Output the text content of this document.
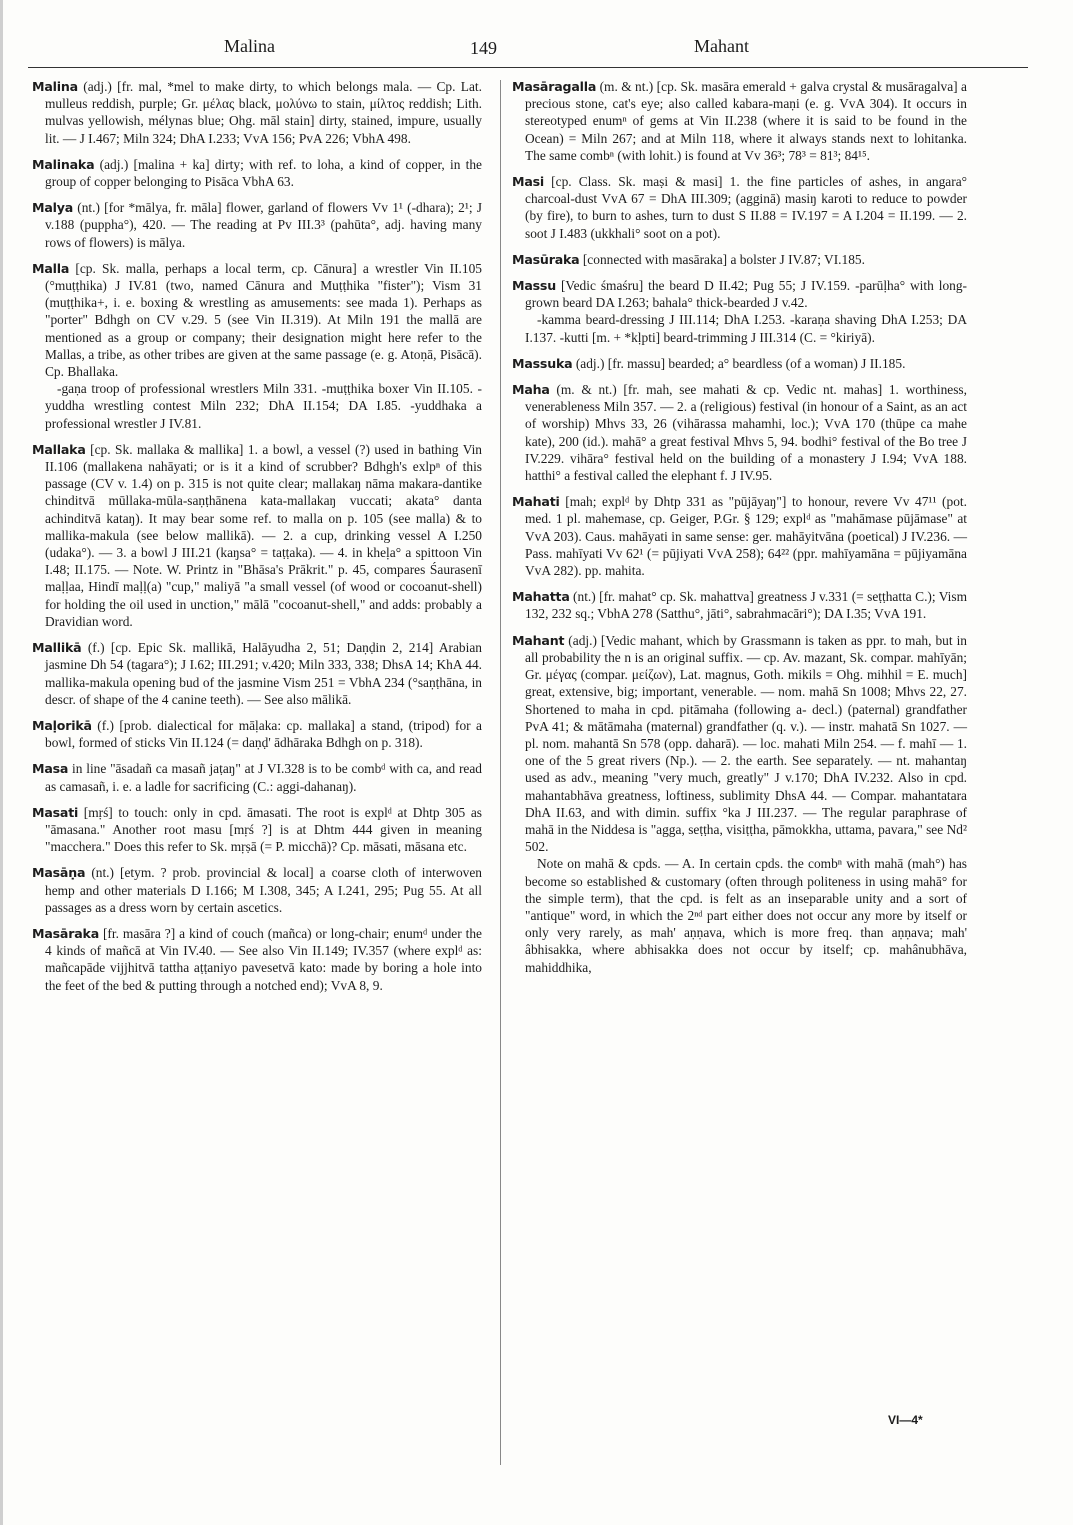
Malina	149	Mahant

Malina (adj.) [fr. mal, *mel to make dirty, to which belongs mala. — Cp. Lat. mulleus reddish, purple; Gr. μέλας black, μολύνω to stain, μίλτος reddish; Lith. mulvas yellowish, mélynas blue; Ohg. māl stain] dirty, stained, impure, usually lit. — J I.467; Miln 324; DhA I.233; VvA 156; PvA 226; VbhA 498.

Malinaka (adj.) [malina + ka] dirty; with ref. to loha, a kind of copper, in the group of copper belonging to Pisāca VbhA 63.

Malya (nt.) [for *mālya, fr. māla] flower, garland of flowers Vv 1¹ (-dhara); 2¹; J v.188 (puppha°), 420. — The reading at Pv III.3³ (pahūta°, adj. having many rows of flowers) is mālya.

Malla [cp. Sk. malla, perhaps a local term, cp. Cānura] a wrestler Vin II.105 (°muṭṭhika) J IV.81 (two, named Cānura and Muṭṭhika "fister"); Vism 31 (muṭṭhika+, i. e. boxing & wrestling as amusements: see mada 1). Perhaps as "porter" Bdhgh on CV v.29. 5 (see Vin II.319). At Miln 191 the mallā are mentioned as a group or company; their designation might here refer to the Mallas, a tribe, as other tribes are given at the same passage (e. g. Atoṇā, Pisācā). Cp. Bhallaka.

-gaṇa troop of professional wrestlers Miln 331. -muṭṭhika boxer Vin II.105. -yuddha wrestling contest Miln 232; DhA II.154; DA I.85. -yuddhaka a professional wrestler J IV.81.

Mallaka [cp. Sk. mallaka & mallika] 1. a bowl, a vessel (?) used in bathing Vin II.106 (mallakena nahāyati; or is it a kind of scrubber? Bdhgh's exlpⁿ of this passage (CV v. 1.4) on p. 315 is not quite clear; mallakaŋ nāma makara-dantike chinditvā mūllaka-mūla-saṇṭhānena kata-mallakaŋ vuccati; akata° danta achinditvā kataŋ). It may bear some ref. to malla on p. 105 (see malla) & to mallika-makula (see below mallikā). — 2. a cup, drinking vessel A I.250 (udaka°). — 3. a bowl J III.21 (kaŋsa° = taṭṭaka). — 4. in kheḷa° a spittoon Vin I.48; II.175. — Note. W. Printz in "Bhāsa's Prākrit." p. 45, compares Śaurasenī maḷḷaa, Hindī maḷḷ(a) "cup," maliyā "a small vessel (of wood or cocoanut-shell) for holding the oil used in unction," mālā "cocoanut-shell," and adds: probably a Dravidian word.

Mallikā (f.) [cp. Epic Sk. mallikā, Halāyudha 2, 51; Daṇḍin 2, 214] Arabian jasmine Dh 54 (tagara°); J I.62; III.291; v.420; Miln 333, 338; DhsA 14; KhA 44. mallika-makula opening bud of the jasmine Vism 251 = VbhA 234 (°saṇṭhāna, in descr. of shape of the 4 canine teeth). — See also mālikā.

Maḷorikā (f.) [prob. dialectical for māḷaka: cp. mallaka] a stand, (tripod) for a bowl, formed of sticks Vin II.124 (= daṇḍ' ādhāraka Bdhgh on p. 318).

Masa in line "āsadañ ca masañ jaṭaŋ" at J VI.328 is to be combᵈ with ca, and read as camasañ, i. e. a ladle for sacrificing (C.: aggi-dahanaŋ).

Masati [mṛś] to touch: only in cpd. āmasati. The root is explᵈ at Dhtp 305 as "āmasana." Another root masu [mṛś ?] is at Dhtm 444 given in meaning "macchera." Does this refer to Sk. mṛṣā (= P. micchā)? Cp. māsati, māsana etc.

Masāṇa (nt.) [etym. ? prob. provincial & local] a coarse cloth of interwoven hemp and other materials D I.166; M I.308, 345; A I.241, 295; Pug 55. At all passages as a dress worn by certain ascetics.

Masāraka [fr. masāra ?] a kind of couch (mañca) or long-chair; enumᵈ under the 4 kinds of mañcā at Vin IV.40. — See also Vin II.149; IV.357 (where explᵈ as: mañcapāde vijjhitvā tattha aṭṭaniyo pavesetvā kato: made by boring a hole into the feet of the bed & putting through a notched end); VvA 8, 9.

Masāragalla (m. & nt.) [cp. Sk. masāra emerald + galva crystal & musāragalva] a precious stone, cat's eye; also called kabara-maṇi (e. g. VvA 304). It occurs in stereotyped enumⁿ of gems at Vin II.238 (where it is said to be found in the Ocean) = Miln 267; and at Miln 118, where it always stands next to lohitanka. The same combⁿ (with lohit.) is found at Vv 36³; 78³ = 81³; 84¹⁵.

Masi [cp. Class. Sk. maṣi & masi] 1. the fine particles of ashes, in angara° charcoal-dust VvA 67 = DhA III.309; (agginā) masiŋ karoti to reduce to powder (by fire), to burn to ashes, turn to dust S II.88 = IV.197 = A I.204 = II.199. — 2. soot J I.483 (ukkhali° soot on a pot).

Masūraka [connected with masāraka] a bolster J IV.87; VI.185.

Massu [Vedic śmaśru] the beard D II.42; Pug 55; J IV.159. -parūḷha° with long-grown beard DA I.263; bahala° thick-bearded J v.42.

-kamma beard-dressing J III.114; DhA I.253. -karaṇa shaving DhA I.253; DA I.137. -kutti [m. + *kḷpti] beard-trimming J III.314 (C. = °kiriyā).

Massuka (adj.) [fr. massu] bearded; a° beardless (of a woman) J II.185.

Maha (m. & nt.) [fr. mah, see mahati & cp. Vedic nt. mahas] 1. worthiness, venerableness Miln 357. — 2. a (religious) festival (in honour of a Saint, as an act of worship) Mhvs 33, 26 (vihārassa mahamhi, loc.); VvA 170 (thūpe ca mahe kate), 200 (id.). mahā° a great festival Mhvs 5, 94. bodhi° festival of the Bo tree J IV.229. vihāra° festival held on the building of a monastery J I.94; VvA 188. hatthi° a festival called the elephant f. J IV.95.

Mahati [mah; explᵈ by Dhtp 331 as "pūjāyaŋ"] to honour, revere Vv 47¹¹ (pot. med. 1 pl. mahemase, cp. Geiger, P.Gr. § 129; explᵈ as "mahāmase pūjāmase" at VvA 203). Caus. mahāyati in same sense: ger. mahāyitvāna (poetical) J IV.236. — Pass. mahīyati Vv 62¹ (= pūjiyati VvA 258); 64²² (ppr. mahīyamāna = pūjiyamāna VvA 282). pp. mahita.

Mahatta (nt.) [fr. mahat° cp. Sk. mahattva] greatness J v.331 (= seṭṭhatta C.); Vism 132, 232 sq.; VbhA 278 (Satthu°, jāti°, sabrahmacāri°); DA I.35; VvA 191.

Mahant (adj.) [Vedic mahant, which by Grassmann is taken as ppr. to mah, but in all probability the n is an original suffix. — cp. Av. mazant, Sk. compar. mahīyān; Gr. μέγας (compar. μείζων), Lat. magnus, Goth. mikils = Ohg. mihhil = E. much] great, extensive, big; important, venerable. — nom. mahā Sn 1008; Mhvs 22, 27. Shortened to maha in cpd. pitāmaha (following a- decl.) (paternal) grandfather PvA 41; & mātāmaha (maternal) grandfather (q. v.). — instr. mahatā Sn 1027. — pl. nom. mahantā Sn 578 (opp. daharā). — loc. mahati Miln 254. — f. mahī — 1. one of the 5 great rivers (Np.). — 2. the earth. See separately. — nt. mahantaŋ used as adv., meaning "very much, greatly" J v.170; DhA IV.232. Also in cpd. mahantabhāva greatness, loftiness, sublimity DhsA 44. — Compar. mahantatara DhA II.63, and with dimin. suffix °ka J III.237. — The regular paraphrase of mahā in the Niddesa is "agga, seṭṭha, visiṭṭha, pāmokkha, uttama, pavara," see Nd² 502.

Note on mahā & cpds. — A. In certain cpds. the combⁿ with mahā (mah°) has become so established & customary (often through politeness in using mahā° for the simple term), that the cpd. is felt as an inseparable unity and a sort of "antique" word, in which the 2ⁿᵈ part either does not occur any more by itself or only very rarely, as mah' aṇṇava, which is more freq. than aṇṇava; mah' âbhisakka, where abhisakka does not occur by itself; cp. mahânubhāva, mahiddhika,

VI—4*
